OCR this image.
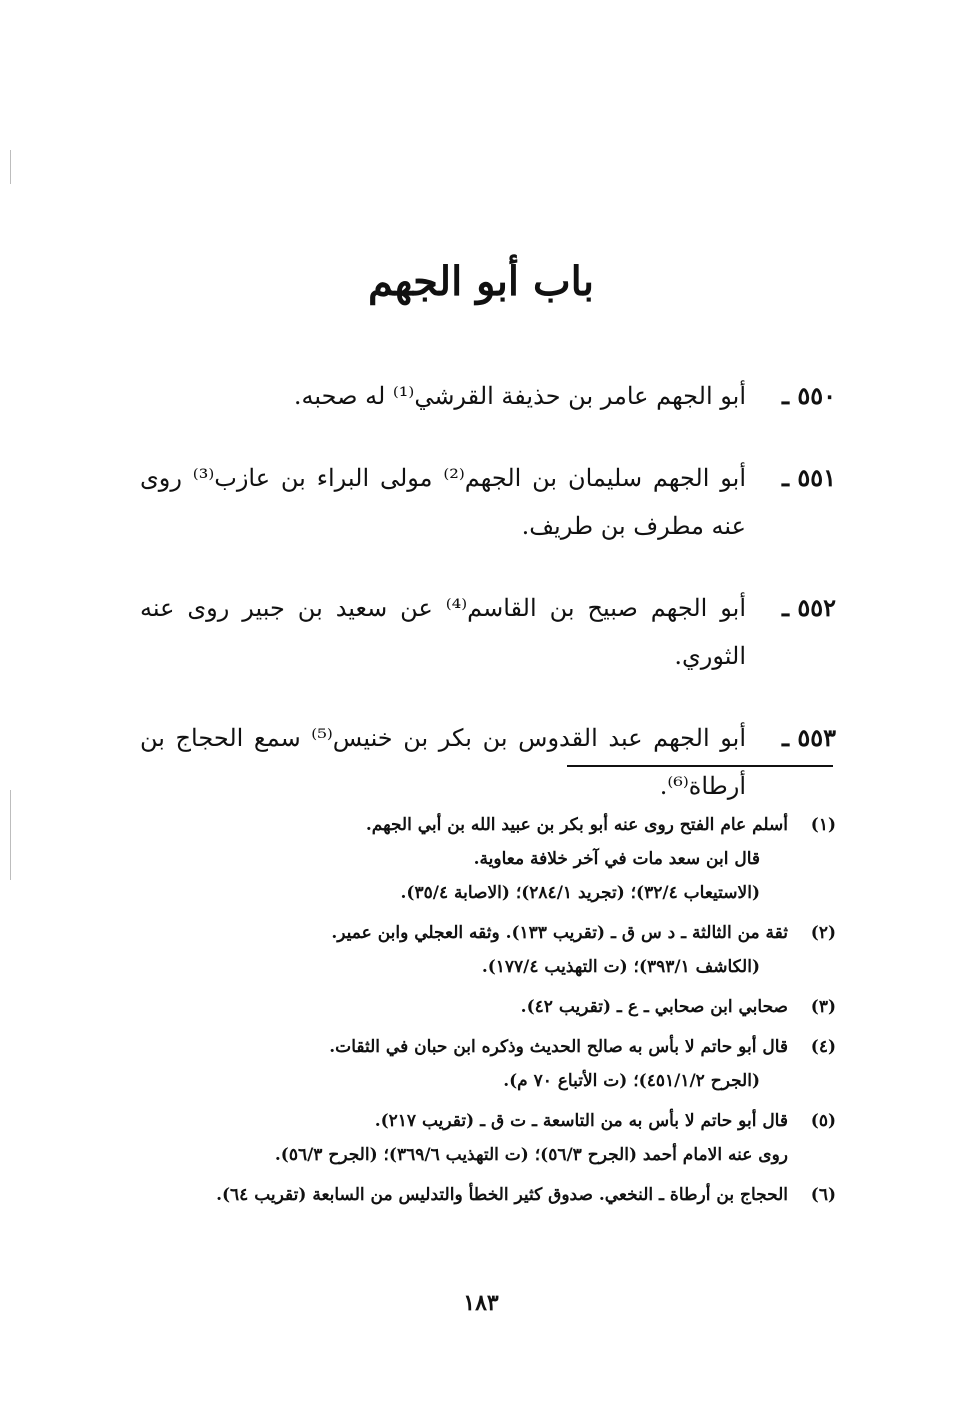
باب أبو الجهم
٥٥٠ ـ
أبو الجهم عامر بن حذيفة القرشي⁽¹⁾ له صحبه.
٥٥١ ـ
أبو الجهم سليمان بن الجهم⁽²⁾ مولى البراء بن عازب⁽³⁾ روى عنه مطرف بن طريف.
٥٥٢ ـ
أبو الجهم صبيح بن القاسم⁽⁴⁾ عن سعيد بن جبير روى عنه الثوري.
٥٥٣ ـ
أبو الجهم عبد القدوس بن بكر بن خنيس⁽⁵⁾ سمع الحجاج بن أرطاة⁽⁶⁾.
(١)
أسلم عام الفتح روى عنه أبو بكر بن عبيد الله بن أبي الجهم.
قال ابن سعد مات في آخر خلافة معاوية.
(الاستيعاب ٣٢/٤)؛ (تجريد ٢٨٤/١)؛ (الاصابة ٣٥/٤).
(٢)
ثقة من الثالثة ـ د س ق ـ (تقريب ١٣٣). وثقه العجلي وابن عمير.
(الكاشف ٣٩٣/١)؛ (ت التهذيب ١٧٧/٤).
(٣)
صحابي ابن صحابي ـ ع ـ (تقريب ٤٢).
(٤)
قال أبو حاتم لا بأس به صالح الحديث وذكره ابن حبان في الثقات.
(الجرح ٤٥١/١/٢)؛ (ت الأتباع ٧٠ م).
(٥)
قال أبو حاتم لا بأس به من التاسعة ـ ت ق ـ (تقريب ٢١٧).
روى عنه الامام أحمد (الجرح ٥٦/٣)؛ (ت التهذيب ٣٦٩/٦)؛ (الجرح ٥٦/٣).
(٦)
الحجاج بن أرطاة ـ النخعي. صدوق كثير الخطأ والتدليس من السابعة (تقريب ٦٤).
١٨٣
